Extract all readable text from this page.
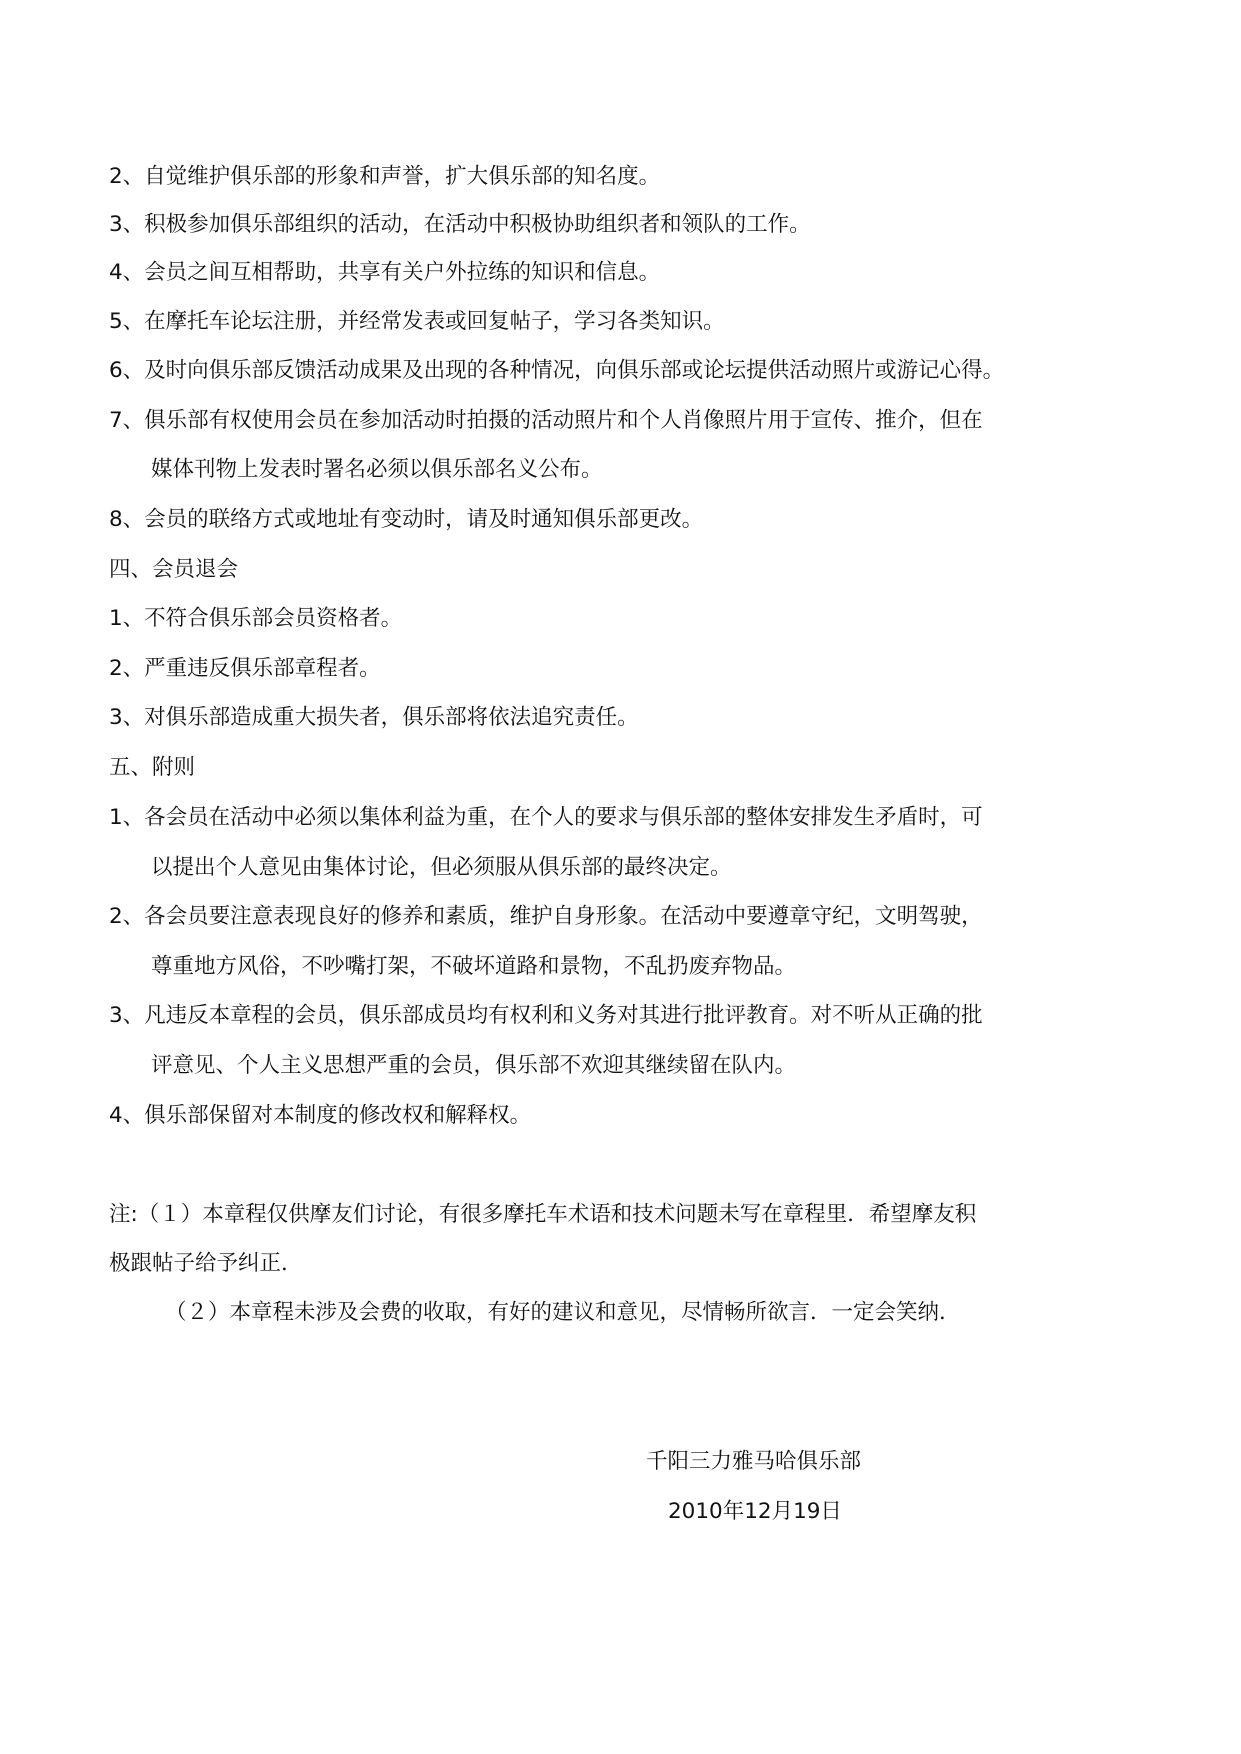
2、自觉维护俱乐部的形象和声誉，扩大俱乐部的知名度。
3、积极参加俱乐部组织的活动，在活动中积极协助组织者和领队的工作。
4、会员之间互相帮助，共享有关户外拉练的知识和信息。
5、在摩托车论坛注册，并经常发表或回复帖子，学习各类知识。
6、及时向俱乐部反馈活动成果及出现的各种情况，向俱乐部或论坛提供活动照片或游记心得。
7、俱乐部有权使用会员在参加活动时拍摄的活动照片和个人肖像照片用于宣传、推介，但在
媒体刊物上发表时署名必须以俱乐部名义公布。
8、会员的联络方式或地址有变动时，请及时通知俱乐部更改。
四、会员退会
1、不符合俱乐部会员资格者。
2、严重违反俱乐部章程者。
3、对俱乐部造成重大损失者，俱乐部将依法追究责任。
五、附则
1、各会员在活动中必须以集体利益为重，在个人的要求与俱乐部的整体安排发生矛盾时，可
以提出个人意见由集体讨论，但必须服从俱乐部的最终决定。
2、各会员要注意表现良好的修养和素质，维护自身形象。在活动中要遵章守纪，文明驾驶，
尊重地方风俗，不吵嘴打架，不破坏道路和景物，不乱扔废弃物品。
3、凡违反本章程的会员，俱乐部成员均有权利和义务对其进行批评教育。对不听从正确的批
评意见、个人主义思想严重的会员，俱乐部不欢迎其继续留在队内。
4、俱乐部保留对本制度的修改权和解释权。
注:（１）本章程仅供摩友们讨论，有很多摩托车术语和技术问题未写在章程里．希望摩友积
极跟帖子给予纠正．
（２）本章程未涉及会费的收取，有好的建议和意见，尽情畅所欲言．一定会笑纳．
千阳三力雅马哈俱乐部
2010年12月19日
